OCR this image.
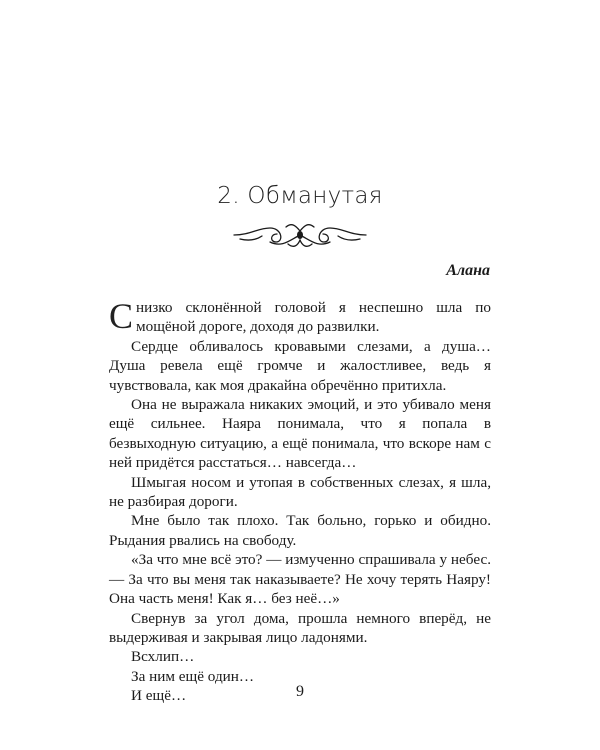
2. Обманутая
Алана

Снизко склонённой головой я неспешно шла по мощёной дороге, доходя до развилки.

Сердце обливалось кровавыми слезами, а душа… Душа ревела ещё громче и жалостливее, ведь я чувствовала, как моя дракайна обречённо притихла.

Она не выражала никаких эмоций, и это убивало меня ещё сильнее. Наяра понимала, что я попала в безвыходную ситуацию, а ещё понимала, что вскоре нам с ней придётся расстаться… навсегда…

Шмыгая носом и утопая в собственных слезах, я шла, не разбирая дороги.

Мне было так плохо. Так больно, горько и обидно. Рыдания рвались на свободу.

«За что мне всё это? — измученно спрашивала у небес. — За что вы меня так наказываете? Не хочу терять Наяру! Она часть меня! Как я… без неё…»

Свернув за угол дома, прошла немного вперёд, не выдерживая и закрывая лицо ладонями.

Всхлип…

За ним ещё один…

И ещё…	9
